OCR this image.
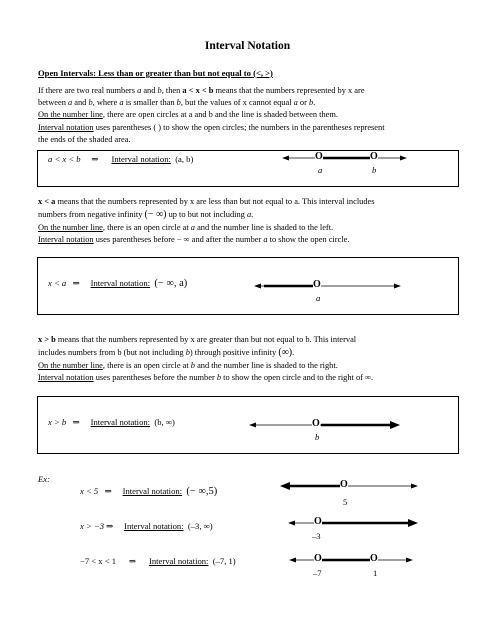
Interval Notation
Open Intervals: Less than or greater than but not equal to (<, >)

If there are two real numbers a and b, then a < x < b means that the numbers represented by x are

between a and b, where a is smaller than b, but the values of x cannot equal a or b.

On the number line, there are open circles at a and b and the line is shaded between them.

Interval notation uses parentheses ( ) to show the open circles; the numbers in the parentheses represent

the ends of the shaded area.

a < x < b ⇒ Interval notation: (a, b)	O	O
a	b

x < a means that the numbers represented by x are less than but not equal to a. This interval includes

numbers from negative infinity (− ∞) up to but not including a.

On the number line, there is an open circle at a and the number line is shaded to the left.

Interval notation uses parentheses before − ∞ and after the number a to show the open circle.

x < a ⇒ Interval notation: (− ∞, a)	O
a

x > b means that the numbers represented by x are greater than but not equal to b. This interval

includes numbers from b (but not including b) through positive infinity (∞).

On the number line, there is an open circle at b and the number line is shaded to the right.

Interval notation uses parentheses before the number b to show the open circle and to the right of ∞.

x > b ⇒ Interval notation: (b, ∞)	O
b
Ex:
x < 5 ⇒ Interval notation: (− ∞,5)
O
5
x > −3 ⇒ Interval notation: (–3, ∞)	O
–3
−7 < x < 1 ⇒ Interval notation: (–7, 1)	O	O
–7	1
